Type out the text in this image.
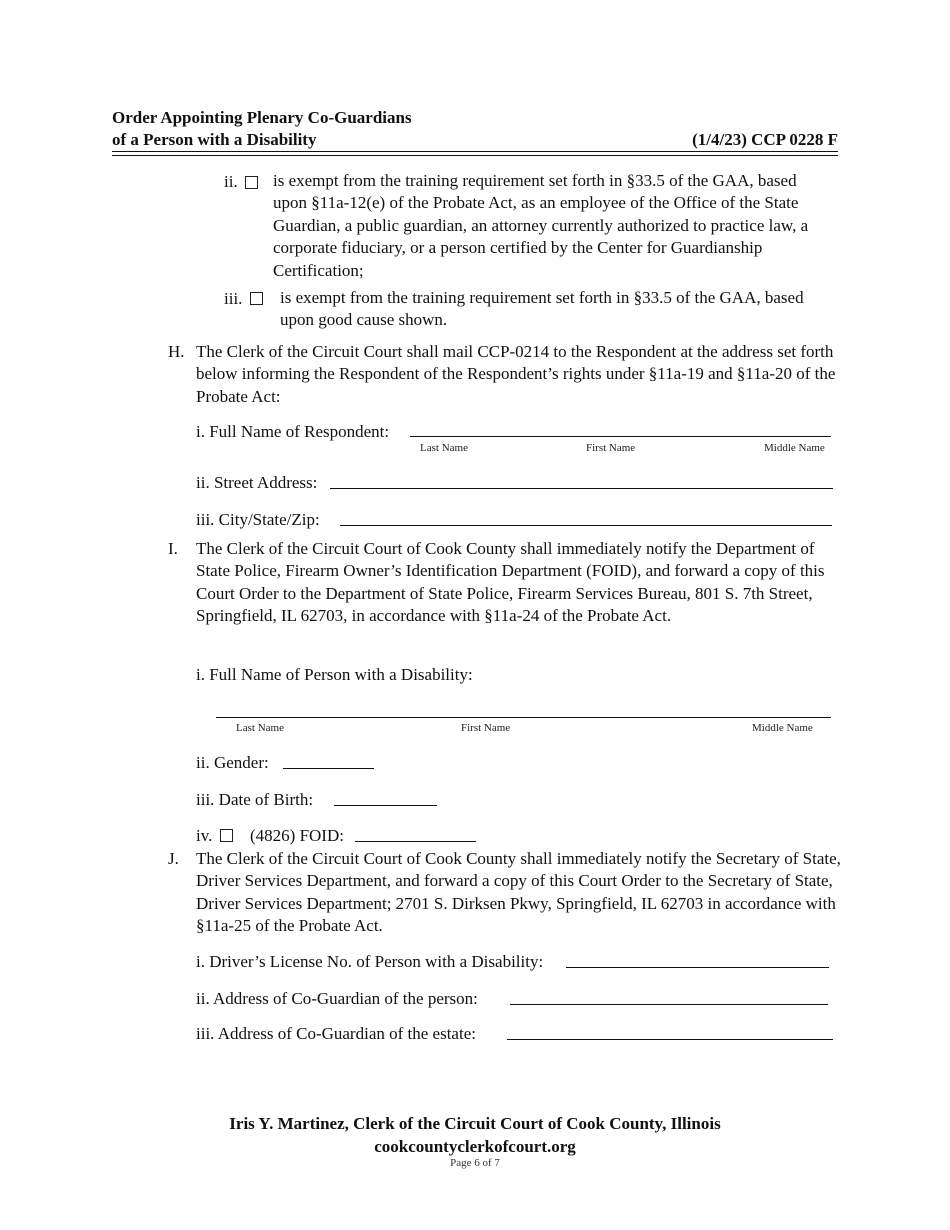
Order Appointing Plenary Co-Guardians
of a Person with a Disability	(1/4/23) CCP 0228 F
ii. is exempt from the training requirement set forth in §33.5 of the GAA, based upon §11a-12(e) of the Probate Act, as an employee of the Office of the State Guardian, a public guardian, an attorney currently authorized to practice law, a corporate fiduciary, or a person certified by the Center for Guardianship Certification;
iii. is exempt from the training requirement set forth in §33.5 of the GAA, based upon good cause shown.
H. The Clerk of the Circuit Court shall mail CCP-0214 to the Respondent at the address set forth below informing the Respondent of the Respondent’s rights under §11a-19 and §11a-20 of the Probate Act:
i. Full Name of Respondent:
Last Name	First Name	Middle Name
ii. Street Address:
iii. City/State/Zip:
I. The Clerk of the Circuit Court of Cook County shall immediately notify the Department of State Police, Firearm Owner’s Identification Department (FOID), and forward a copy of this Court Order to the Department of State Police, Firearm Services Bureau, 801 S. 7th Street, Springfield, IL 62703, in accordance with §11a-24 of the Probate Act.
i. Full Name of Person with a Disability:
Last Name	First Name	Middle Name
ii. Gender:
iii. Date of Birth:
iv. (4826) FOID:
J. The Clerk of the Circuit Court of Cook County shall immediately notify the Secretary of State, Driver Services Department, and forward a copy of this Court Order to the Secretary of State, Driver Services Department; 2701 S. Dirksen Pkwy, Springfield, IL 62703 in accordance with §11a-25 of the Probate Act.
i. Driver’s License No. of Person with a Disability:
ii. Address of Co-Guardian of the person:
iii. Address of Co-Guardian of the estate:
Iris Y. Martinez, Clerk of the Circuit Court of Cook County, Illinois
cookcountyclerkofcourt.org
Page 6 of 7
